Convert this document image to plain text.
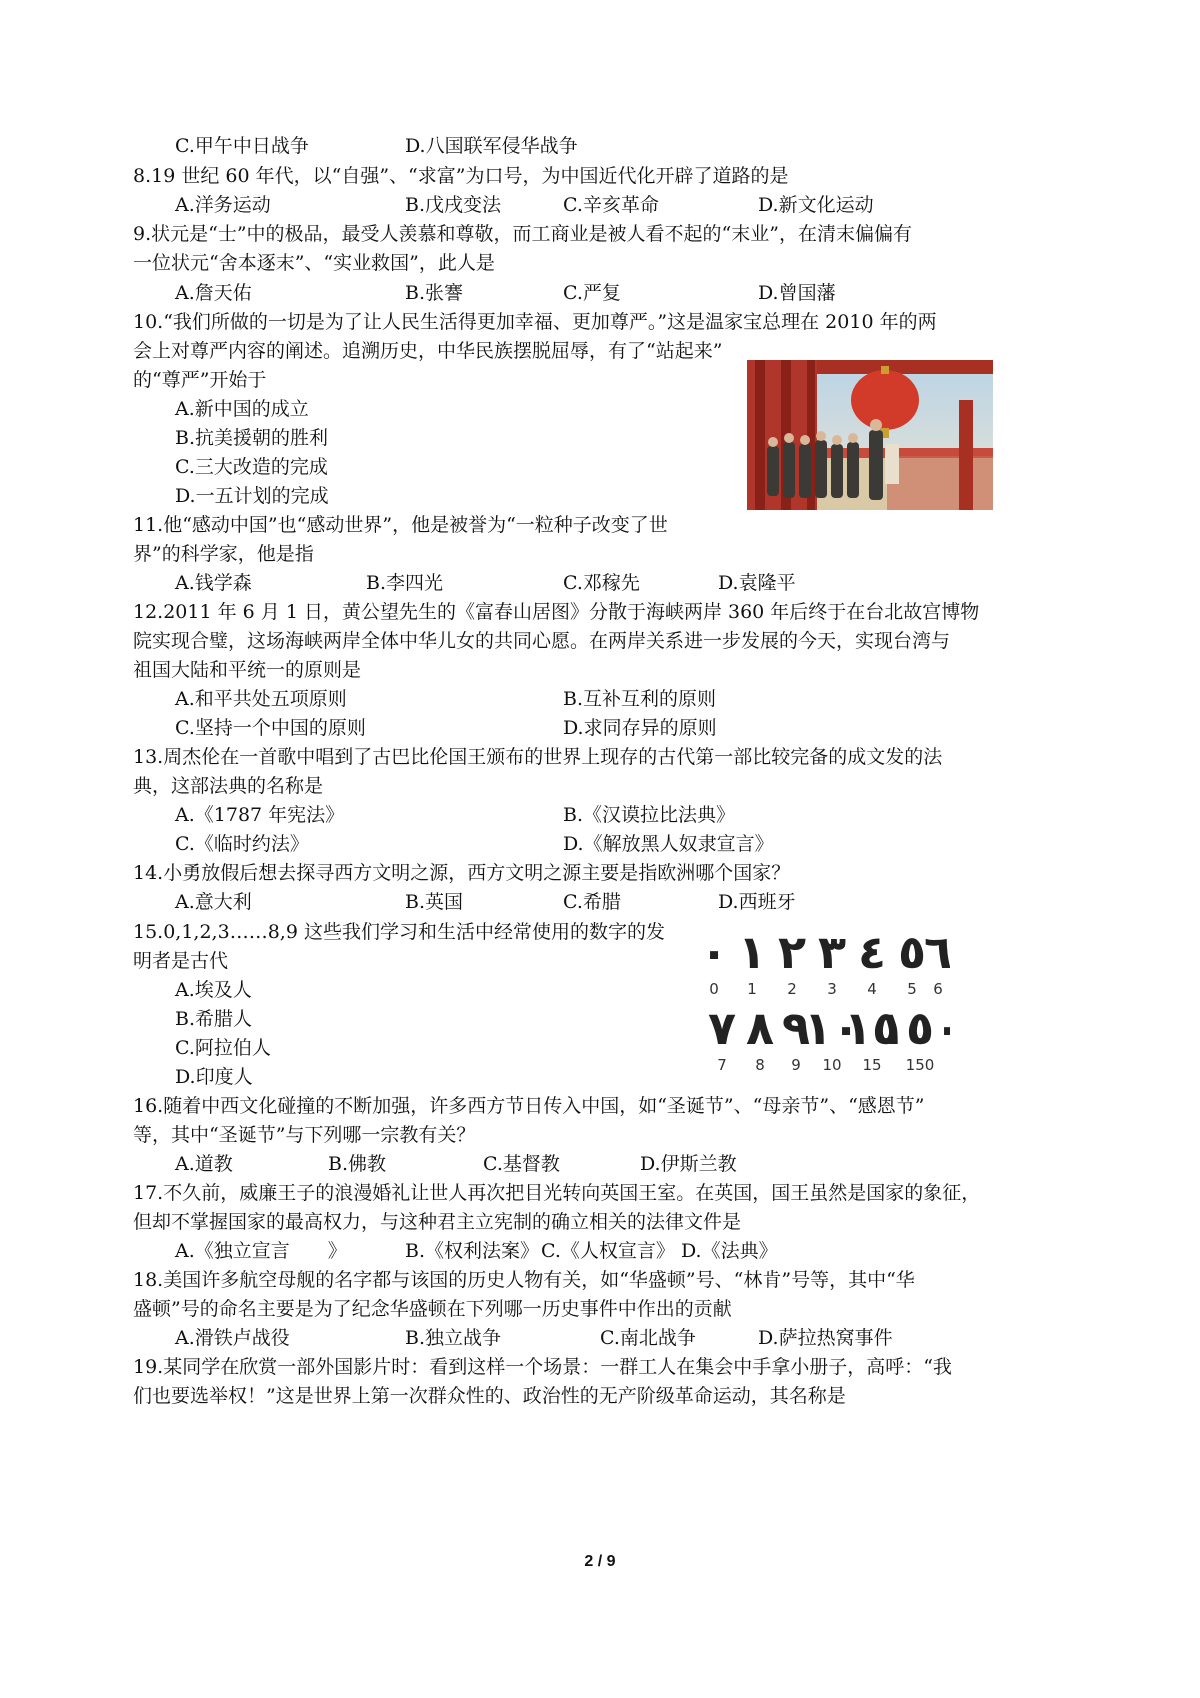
C.甲午中日战争	D.八国联军侵华战争
8.19 世纪 60 年代，以“自强”、“求富”为口号，为中国近代化开辟了道路的是
A.洋务运动	B.戊戌变法	C.辛亥革命	D.新文化运动
9.状元是“士”中的极品，最受人羡慕和尊敬，而工商业是被人看不起的“末业”，在清末偏偏有
一位状元“舍本逐末”、“实业救国”，此人是
A.詹天佑	B.张謇	C.严复	D.曾国藩
10.“我们所做的一切是为了让人民生活得更加幸福、更加尊严。”这是温家宝总理在 2010 年的两
会上对尊严内容的阐述。追溯历史，中华民族摆脱屈辱，有了“站起来”
的“尊严”开始于
A.新中国的成立
B.抗美援朝的胜利
C.三大改造的完成
D.一五计划的完成
11.他“感动中国”也“感动世界”，他是被誉为“一粒种子改变了世
界”的科学家，他是指
A.钱学森	B.李四光	C.邓稼先	D.袁隆平
12.2011 年 6 月 1 日，黄公望先生的《富春山居图》分散于海峡两岸 360 年后终于在台北故宫博物
院实现合璧，这场海峡两岸全体中华儿女的共同心愿。在两岸关系进一步发展的今天，实现台湾与
祖国大陆和平统一的原则是
A.和平共处五项原则	B.互补互利的原则
C.坚持一个中国的原则	D.求同存异的原则
13.周杰伦在一首歌中唱到了古巴比伦国王颁布的世界上现存的古代第一部比较完备的成文发的法
典，这部法典的名称是
A.《1787 年宪法》	B.《汉谟拉比法典》
C.《临时约法》	D.《解放黑人奴隶宣言》
14.小勇放假后想去探寻西方文明之源，西方文明之源主要是指欧洲哪个国家？
A.意大利	B.英国	C.希腊	D.西班牙
15.0,1,2,3……8,9 这些我们学习和生活中经常使用的数字的发
明者是古代
A.埃及人
B.希腊人
C.阿拉伯人
D.印度人
٠ ١ ٢ ٣ ٤ ٥
٦
0 1 2 3 4 5 6
٧ ٨ ٩
١٠
١٥
١٥٠
7 8 9 10 15 150
16.随着中西文化碰撞的不断加强，许多西方节日传入中国，如“圣诞节”、“母亲节”、“感恩节”
等，其中“圣诞节”与下列哪一宗教有关？
A.道教	B.佛教	C.基督教	D.伊斯兰教
17.不久前，威廉王子的浪漫婚礼让世人再次把目光转向英国王室。在英国，国王虽然是国家的象征，
但却不掌握国家的最高权力，与这种君主立宪制的确立相关的法律文件是
A.《独立宣言　　》	B.《权利法案》 C.《人权宣言》 D.《法典》
18.美国许多航空母舰的名字都与该国的历史人物有关，如“华盛顿”号、“林肯”号等，其中“华
盛顿”号的命名主要是为了纪念华盛顿在下列哪一历史事件中作出的贡献
A.滑铁卢战役	B.独立战争	C.南北战争	D.萨拉热窝事件
19.某同学在欣赏一部外国影片时：看到这样一个场景：一群工人在集会中手拿小册子，高呼：“我
们也要选举权！”这是世界上第一次群众性的、政治性的无产阶级革命运动，其名称是
2 / 9
